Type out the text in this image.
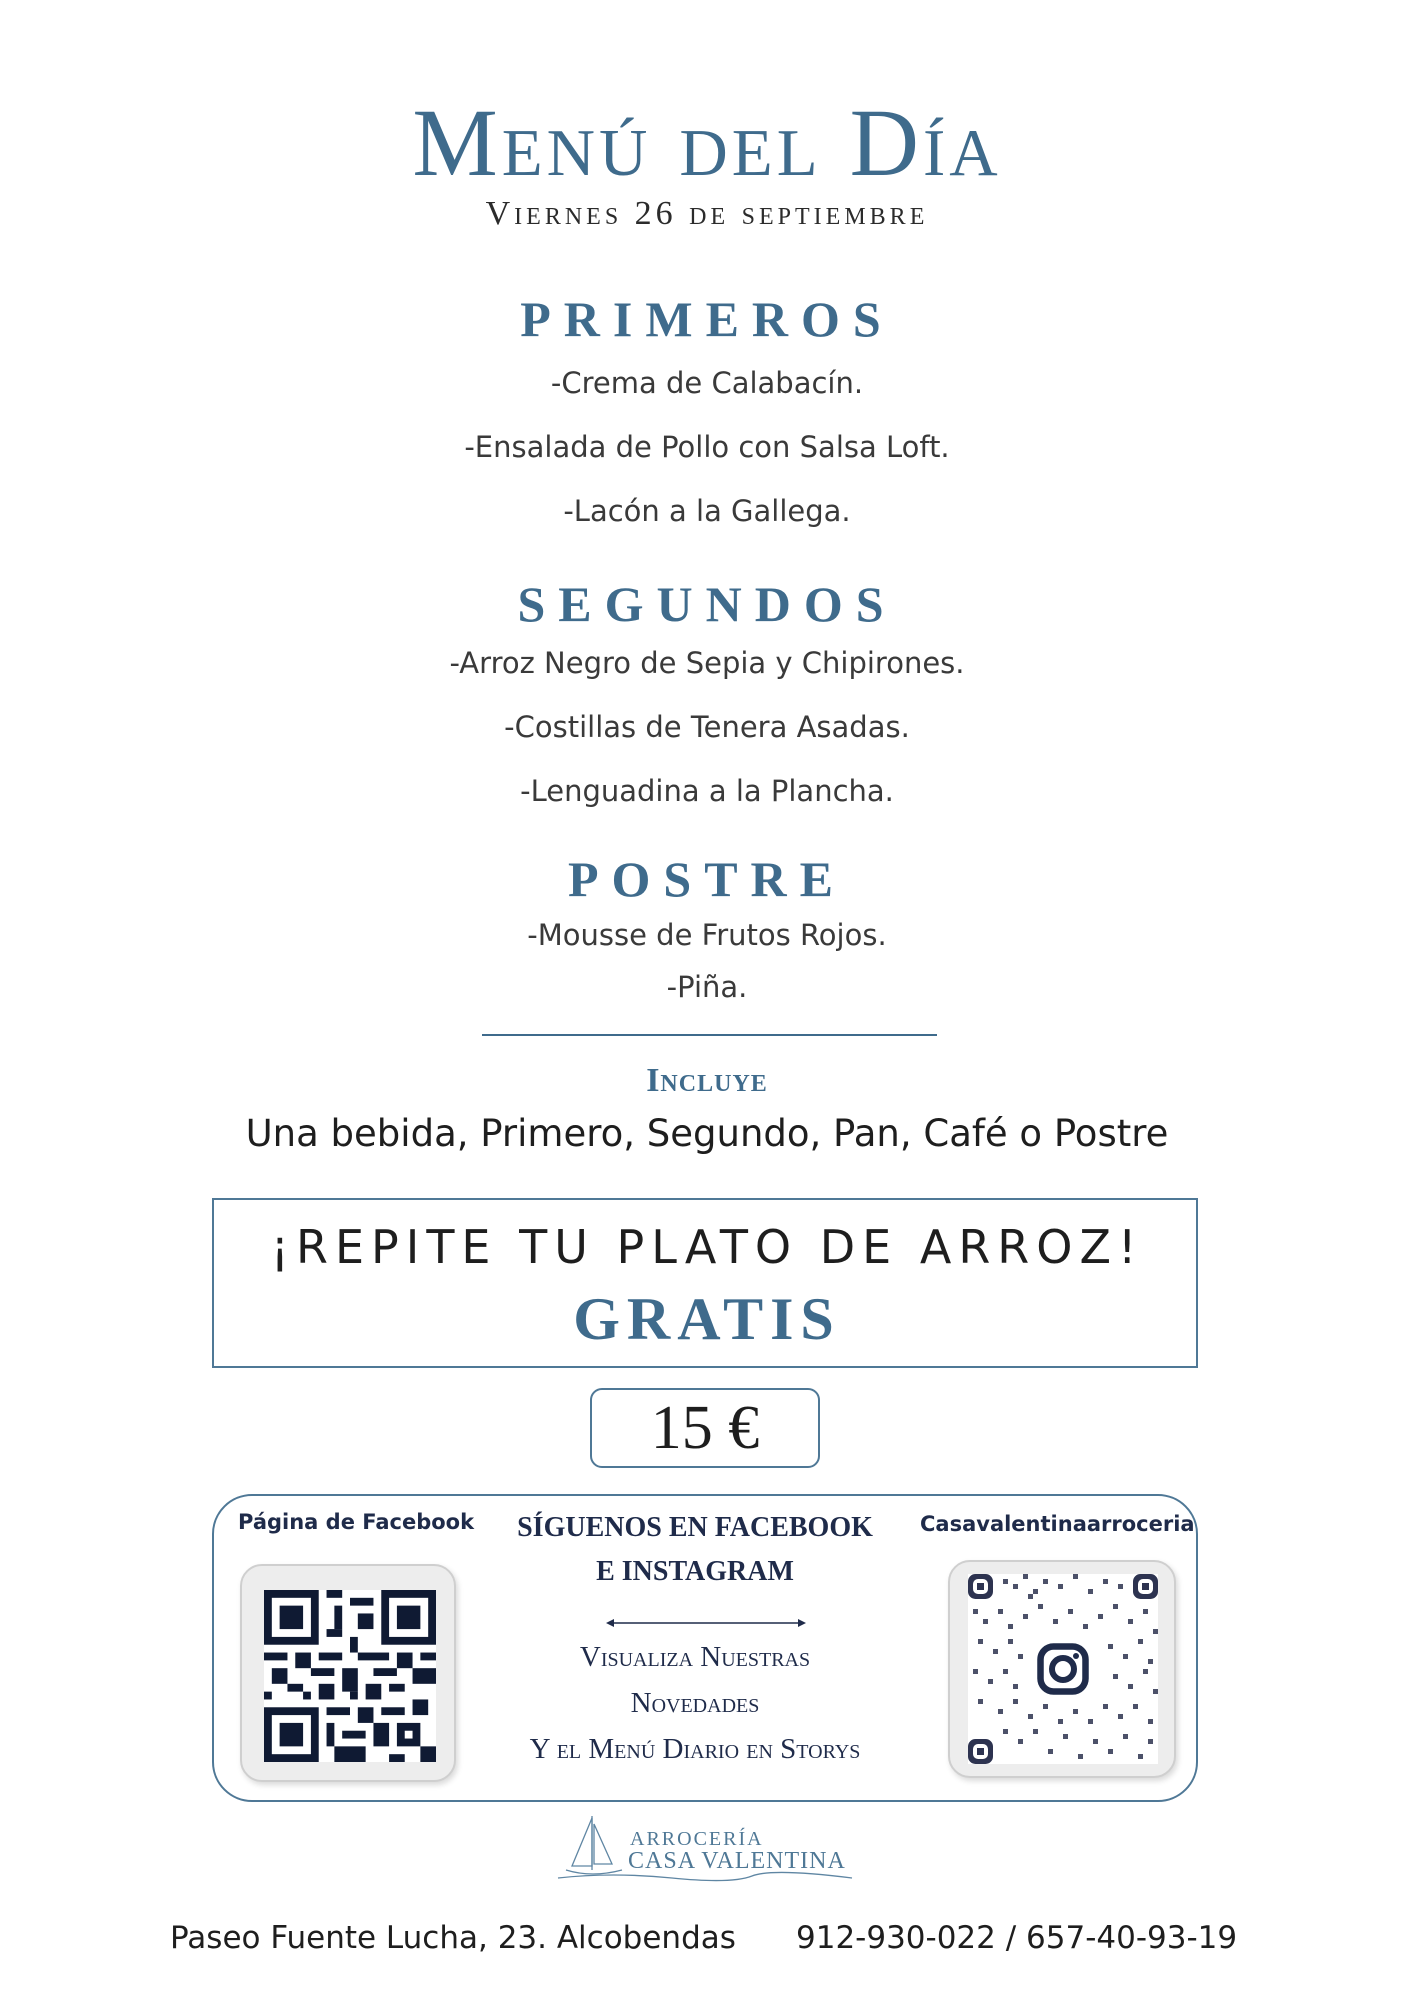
Menú del Día
Viernes 26 de septiembre
PRIMEROS
-Crema de Calabacín.
-Ensalada de Pollo con Salsa Loft.
-Lacón a la Gallega.
SEGUNDOS
-Arroz Negro de Sepia y Chipirones.
-Costillas de Tenera Asadas.
-Lenguadina a la Plancha.
POSTRE
-Mousse de Frutos Rojos.
-Piña.
Incluye
Una bebida, Primero, Segundo, Pan, Café o Postre
¡REPITE TU PLATO DE ARROZ!
GRATIS
15 €
Página de Facebook	Casavalentinaarroceria
SÍGUENOS EN FACEBOOK
E INSTAGRAM
Visualiza Nuestras
Novedades
Y el Menú Diario en Storys
ARROCERÍA
CASA VALENTINA
Paseo Fuente Lucha, 23. Alcobendas 912-930-022 / 657-40-93-19
